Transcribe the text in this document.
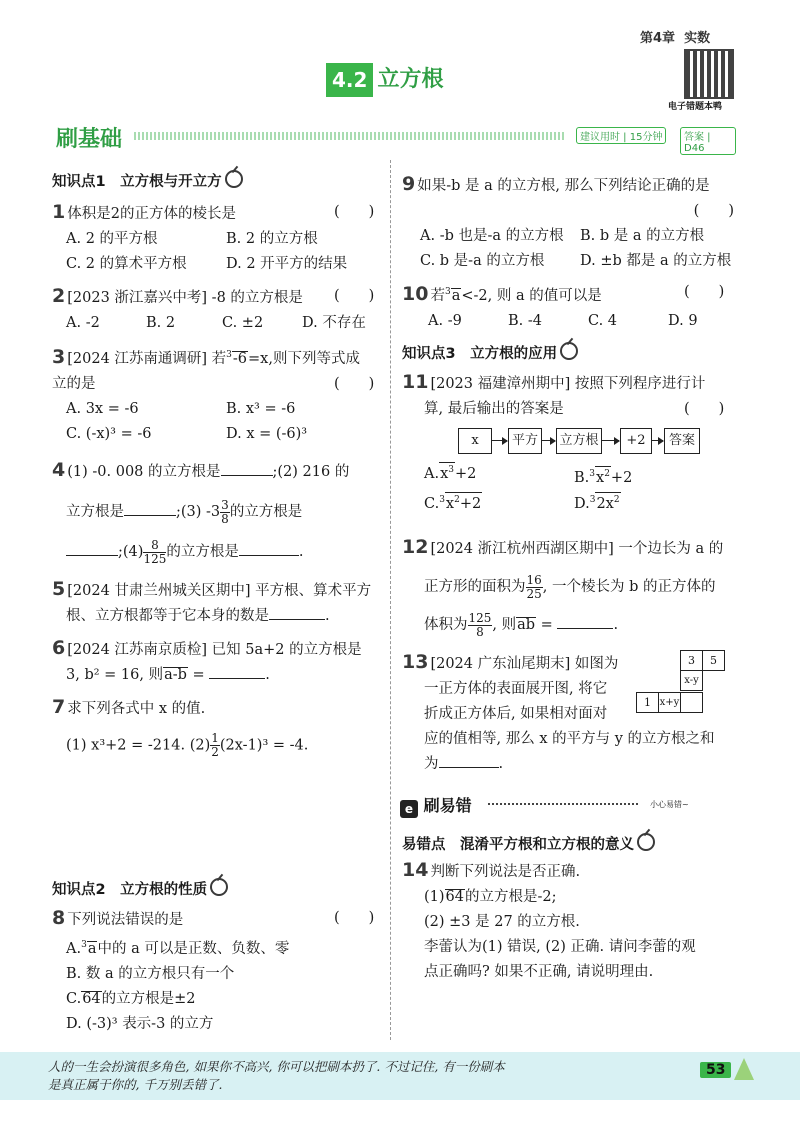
第4章 实数
4.2 立方根
电子错题本鸭
刷基础	建议用时 | 15分钟	答案 | D46
知识点1　立方根与开立方
1 体积是2的正方体的棱长是	(　　)
A. 2 的平方根	B. 2 的立方根
C. 2 的算术平方根	D. 2 开平方的结果
2 [2023 浙江嘉兴中考] -8 的立方根是 (　　)
A. -2	B. 2	C. ±2	D. 不存在
3 [2024 江苏南通调研] 若$^3$-6=x,则下列等式成
立的是	(　　)
A. 3x = -6	B. x³ = -6
C. (-x)³ = -6	D. x = (-6)³
4 (1) -0. 008 的立方根是	;(2) 216 的
立方根是	;(3) $-3 \frac{3}{8}$ 的立方根是
;(4) $\frac{8}{125}$ 的立方根是	.
5 [2024 甘肃兰州城关区期中] 平方根、算术平方
根、立方根都等于它本身的数是	.
6 [2024 江苏南京质检] 已知 5a+2 的立方根是
3, b² = 16, 则a-b =	.
7 求下列各式中 x 的值.
(1) x³+2 = -214. $(2) \frac{1}{2} (2x-1)^3 = -4$.
知识点2　立方根的性质
8 下列说法错误的是	(　　)
A.$^3$a中的 a 可以是正数、负数、零
B. 数 a 的立方根只有一个
C.64的立方根是±2
D. (-3)³ 表示-3 的立方
9 如果-b 是 a 的立方根, 那么下列结论正确的是
(　　)
A. -b 也是-a 的立方根	B. b 是 a 的立方根
C. b 是-a 的立方根	D. ±b 都是 a 的立方根
10 若$^3$a<-2, 则 a 的值可以是	(　　)
A. -9	B. -4	C. 4	D. 9
知识点3　立方根的应用
11 [2023 福建漳州期中] 按照下列程序进行计
算, 最后输出的答案是	(　　)
x	平方	立方根	+2	答案
$A.x^3+2$	$B.^3x^2+2$
$C.^3x^2+2$	$D.^32x^2$
12 [2024 浙江杭州西湖区期中] 一个边长为 a 的
正方形的面积为 $\frac{16}{25}$ , 一个棱长为 b 的正方体的
体积为 $\frac{125}{8}$ , 则ab =	.
13 [2024 广东汕尾期末] 如图为
一正方体的表面展开图, 将它
折成正方体后, 如果相对面对
应的值相等, 那么 x 的平方与 y 的立方根之和
为	.
3	5
x-y
1 x+y
e 刷易错	小心易错~
易错点　混淆平方根和立方根的意义
14 判断下列说法是否正确.
(1)64的立方根是-2;
(2) ±3 是 27 的立方根.
李蕾认为(1) 错误, (2) 正确. 请问李蕾的观
点正确吗? 如果不正确, 请说明理由.
人的一生会扮演很多角色, 如果你不高兴, 你可以把刷本扔了. 不过记住, 有一份刷本
是真正属于你的, 千万别丢错了.
53
